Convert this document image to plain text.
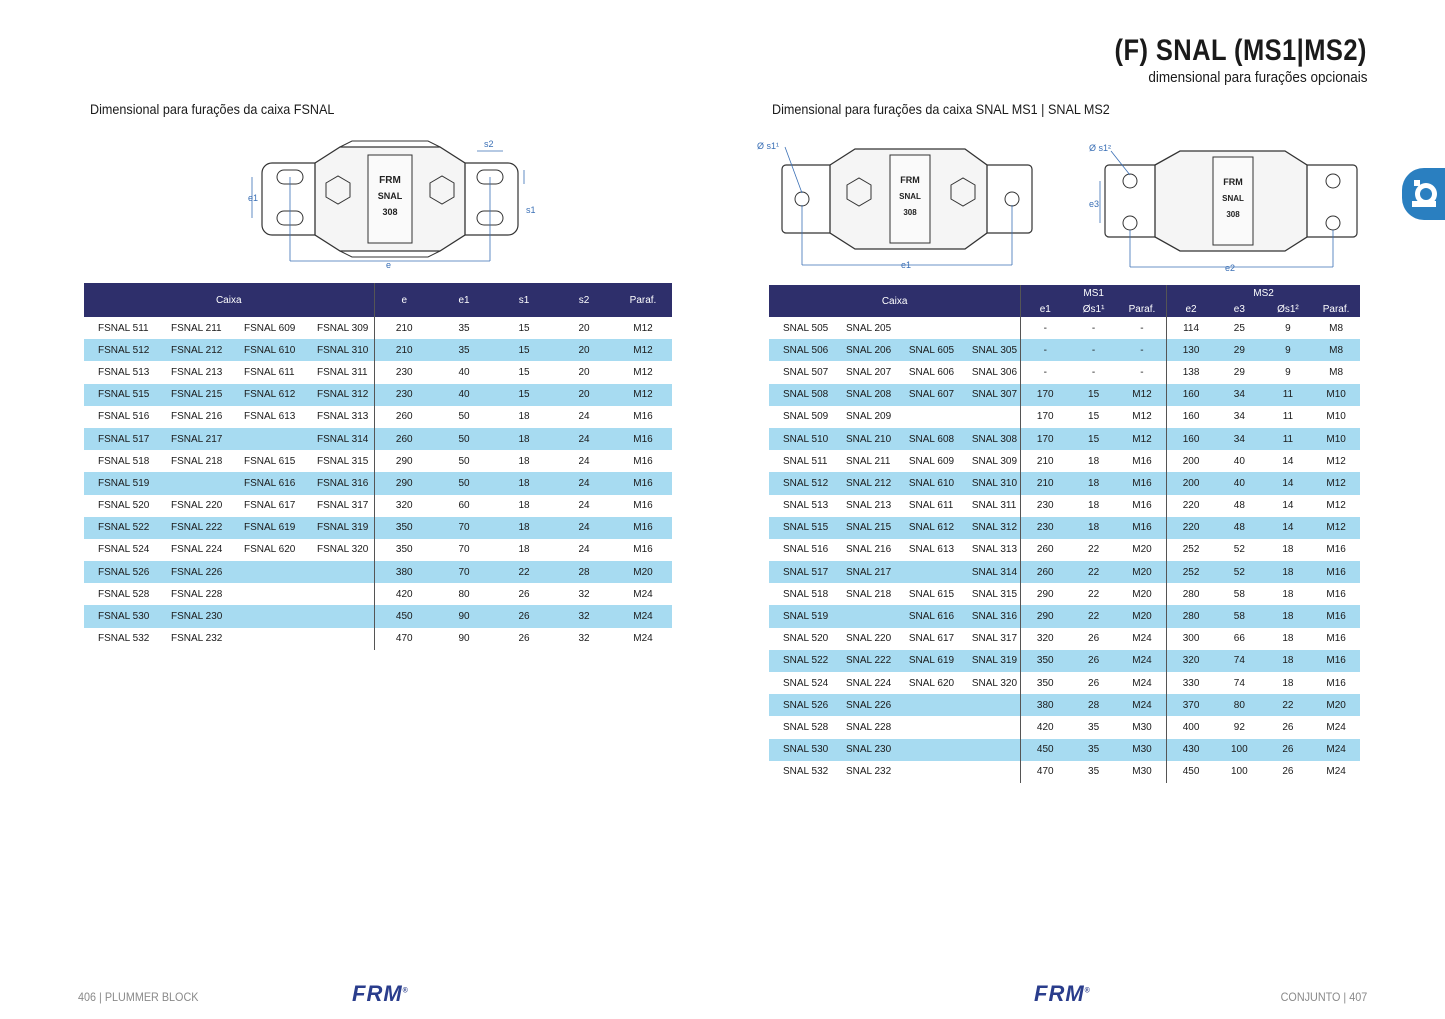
(F) SNAL (MS1|MS2)
dimensional para furações opcionais
Dimensional para furações da caixa FSNAL	Dimensional para furações da caixa SNAL MS1 | SNAL MS2
FRM
SNAL
308
e
e1
s2
s1
FRM
SNAL
308
e1
Ø s1¹
FRM
SNAL
308
e2
e3
Ø s1²
Caixa				e	e1	s1	s2	Paraf.
FSNAL 511	FSNAL 211	FSNAL 609	FSNAL 309	210	35	15	20	M12
FSNAL 512	FSNAL 212	FSNAL 610	FSNAL 310	210	35	15	20	M12
FSNAL 513	FSNAL 213	FSNAL 611	FSNAL 311	230	40	15	20	M12
FSNAL 515	FSNAL 215	FSNAL 612	FSNAL 312	230	40	15	20	M12
FSNAL 516	FSNAL 216	FSNAL 613	FSNAL 313	260	50	18	24	M16
FSNAL 517	FSNAL 217		FSNAL 314	260	50	18	24	M16
FSNAL 518	FSNAL 218	FSNAL 615	FSNAL 315	290	50	18	24	M16
FSNAL 519		FSNAL 616	FSNAL 316	290	50	18	24	M16
FSNAL 520	FSNAL 220	FSNAL 617	FSNAL 317	320	60	18	24	M16
FSNAL 522	FSNAL 222	FSNAL 619	FSNAL 319	350	70	18	24	M16
FSNAL 524	FSNAL 224	FSNAL 620	FSNAL 320	350	70	18	24	M16
FSNAL 526	FSNAL 226			380	70	22	28	M20
FSNAL 528	FSNAL 228			420	80	26	32	M24
FSNAL 530	FSNAL 230			450	90	26	32	M24
FSNAL 532	FSNAL 232			470	90	26	32	M24
Caixa				MS1			MS2			
				e1	Øs1¹	Paraf.	e2	e3	Øs1²	Paraf.
SNAL 505	SNAL 205			-	-	-	114	25	9	M8
SNAL 506	SNAL 206	SNAL 605	SNAL 305	-	-	-	130	29	9	M8
SNAL 507	SNAL 207	SNAL 606	SNAL 306	-	-	-	138	29	9	M8
SNAL 508	SNAL 208	SNAL 607	SNAL 307	170	15	M12	160	34	11	M10
SNAL 509	SNAL 209			170	15	M12	160	34	11	M10
SNAL 510	SNAL 210	SNAL 608	SNAL 308	170	15	M12	160	34	11	M10
SNAL 511	SNAL 211	SNAL 609	SNAL 309	210	18	M16	200	40	14	M12
SNAL 512	SNAL 212	SNAL 610	SNAL 310	210	18	M16	200	40	14	M12
SNAL 513	SNAL 213	SNAL 611	SNAL 311	230	18	M16	220	48	14	M12
SNAL 515	SNAL 215	SNAL 612	SNAL 312	230	18	M16	220	48	14	M12
SNAL 516	SNAL 216	SNAL 613	SNAL 313	260	22	M20	252	52	18	M16
SNAL 517	SNAL 217		SNAL 314	260	22	M20	252	52	18	M16
SNAL 518	SNAL 218	SNAL 615	SNAL 315	290	22	M20	280	58	18	M16
SNAL 519		SNAL 616	SNAL 316	290	22	M20	280	58	18	M16
SNAL 520	SNAL 220	SNAL 617	SNAL 317	320	26	M24	300	66	18	M16
SNAL 522	SNAL 222	SNAL 619	SNAL 319	350	26	M24	320	74	18	M16
SNAL 524	SNAL 224	SNAL 620	SNAL 320	350	26	M24	330	74	18	M16
SNAL 526	SNAL 226			380	28	M24	370	80	22	M20
SNAL 528	SNAL 228			420	35	M30	400	92	26	M24
SNAL 530	SNAL 230			450	35	M30	430	100	26	M24
SNAL 532	SNAL 232			470	35	M30	450	100	26	M24
406 | PLUMMER BLOCK	FRM®	FRM®	CONJUNTO | 407
